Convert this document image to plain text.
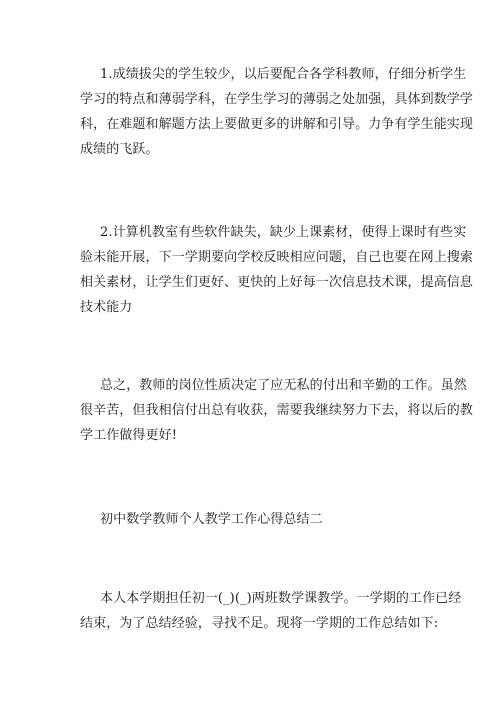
1.成绩拔尖的学生较少，以后要配合各学科教师，仔细分析学生
学习的特点和薄弱学科，在学生学习的薄弱之处加强，具体到数学学
科，在难题和解题方法上要做更多的讲解和引导。力争有学生能实现
成绩的飞跃。
2.计算机教室有些软件缺失，缺少上课素材，使得上课时有些实
验未能开展，下一学期要向学校反映相应问题，自己也要在网上搜索
相关素材，让学生们更好、更快的上好每一次信息技术课，提高信息
技术能力
总之，教师的岗位性质决定了应无私的付出和辛勤的工作。虽然
很辛苦，但我相信付出总有收获，需要我继续努力下去，将以后的教
学工作做得更好!
初中数学教师个人教学工作心得总结二
本人本学期担任初一(_)(_)两班数学课教学。一学期的工作已经
结束，为了总结经验，寻找不足。现将一学期的工作总结如下:
